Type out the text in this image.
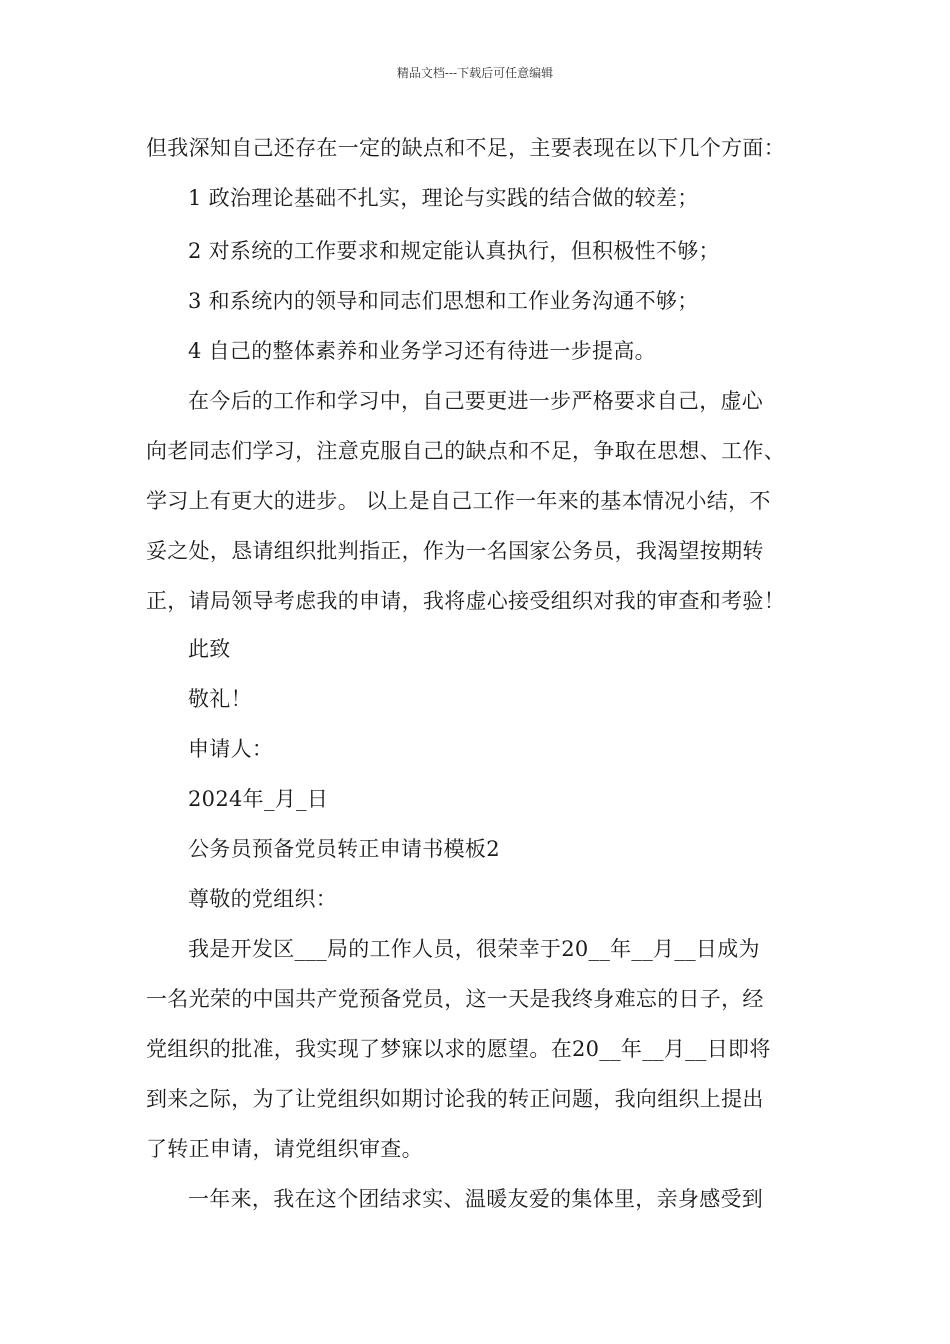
精品文档---下载后可任意编辑
但我深知自己还存在一定的缺点和不足，主要表现在以下几个方面：
1 政治理论基础不扎实，理论与实践的结合做的较差；
2 对系统的工作要求和规定能认真执行，但积极性不够；
3 和系统内的领导和同志们思想和工作业务沟通不够；
4 自己的整体素养和业务学习还有待进一步提高。
在今后的工作和学习中，自己要更进一步严格要求自己，虚心
向老同志们学习，注意克服自己的缺点和不足，争取在思想、工作、
学习上有更大的进步。 以上是自己工作一年来的基本情况小结，不
妥之处，恳请组织批判指正，作为一名国家公务员，我渴望按期转
正，请局领导考虑我的申请，我将虚心接受组织对我的审查和考验！
此致
敬礼！
申请人：
2024年_月_日
公务员预备党员转正申请书模板2
尊敬的党组织：
我是开发区___局的工作人员，很荣幸于20__年__月__日成为
一名光荣的中国共产党预备党员，这一天是我终身难忘的日子，经
党组织的批准，我实现了梦寐以求的愿望。在20__年__月__日即将
到来之际，为了让党组织如期讨论我的转正问题，我向组织上提出
了转正申请，请党组织审查。
一年来，我在这个团结求实、温暖友爱的集体里，亲身感受到
